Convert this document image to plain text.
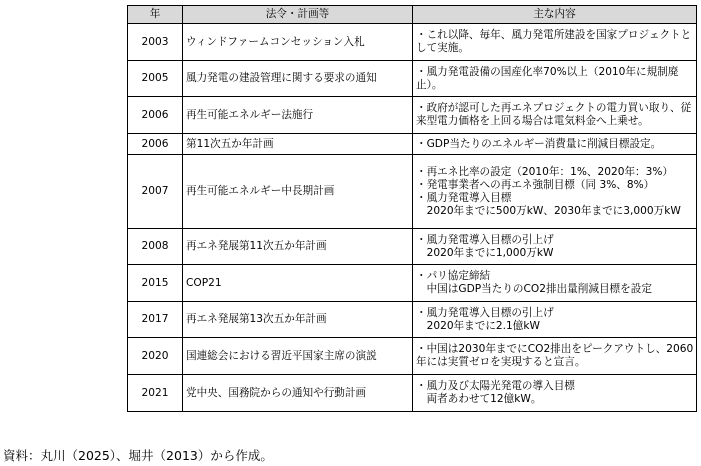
年	法令・計画等	主な内容
2003	ウィンドファームコンセッション入札	・これ以降、毎年、風力発電所建設を国家プロジェクトと
して実施。

2005	風力発電の建設管理に関する要求の通知	・風力発電設備の国産化率70%以上（2010年に規制廃
止）。

2006	再生可能エネルギー法施行	・政府が認可した再エネプロジェクトの電力買い取り、従
来型電力価格を上回る場合は電気料金へ上乗せ。

2006	第11次五か年計画	・GDP当たりのエネルギー消費量に削減目標設定。

2007	再生可能エネルギー中長期計画	・再エネ比率の設定（2010年：1%、2020年：3%）
・発電事業者への再エネ強制目標（同 3%、8%）
・風力発電導入目標
　2020年までに500万kW、2030年までに3,000万kW

2008	再エネ発展第11次五か年計画	・風力発電導入目標の引上げ
　2020年までに1,000万kW

2015	COP21	・パリ協定締結
　中国はGDP当たりのCO2排出量削減目標を設定

2017	再エネ発展第13次五か年計画	・風力発電導入目標の引上げ
　2020年までに2.1億kW

2020	国連総会における習近平国家主席の演説	・中国は2030年までにCO2排出をピークアウトし、2060
年には実質ゼロを実現すると宣言。

2021	党中央、国務院からの通知や行動計画	・風力及び太陽光発電の導入目標
　両者あわせて12億kW。
資料：丸川（2025）、堀井（2013）から作成。
